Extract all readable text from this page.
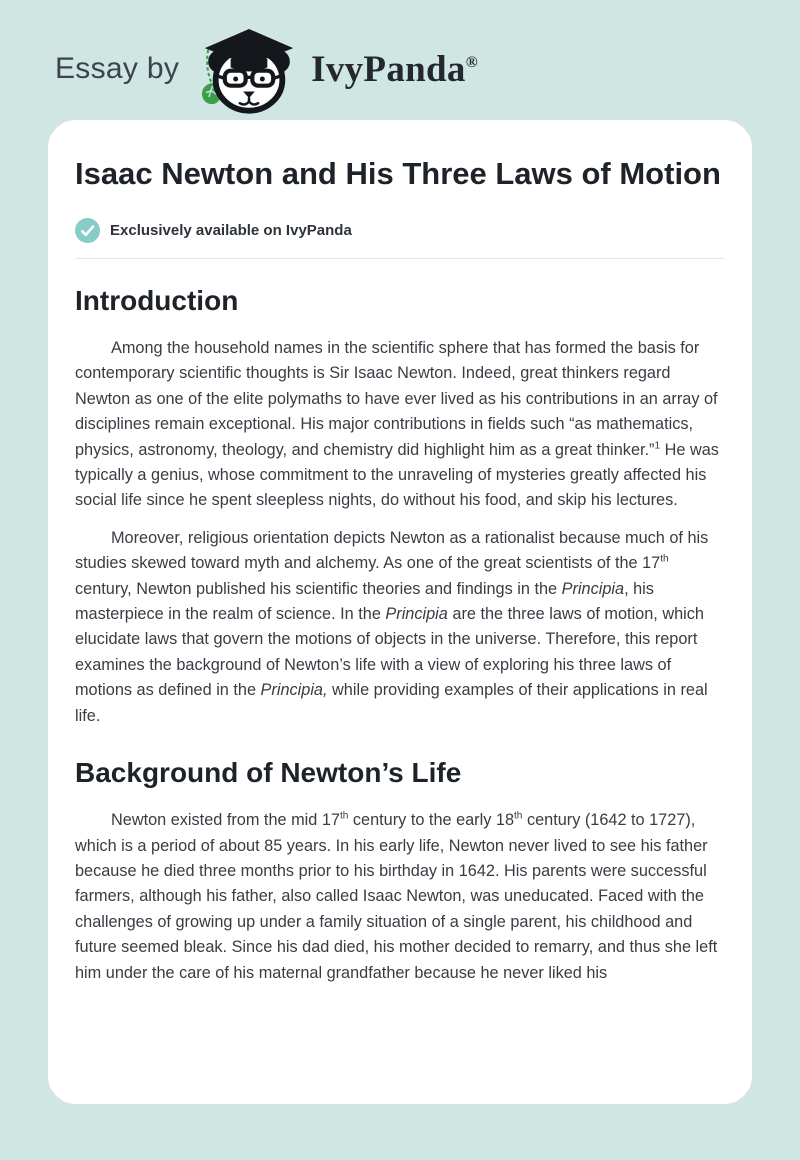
Essay by	IvyPanda®
Isaac Newton and His Three Laws of Motion
Exclusively available on IvyPanda
Introduction

Among the household names in the scientific sphere that has formed the basis for contemporary scientific thoughts is Sir Isaac Newton. Indeed, great thinkers regard Newton as one of the elite polymaths to have ever lived as his contributions in an array of disciplines remain exceptional. His major contributions in fields such “as mathematics, physics, astronomy, theology, and chemistry did highlight him as a great thinker.”$^1$ He was typically a genius, whose commitment to the unraveling of mysteries greatly affected his social life since he spent sleepless nights, do without his food, and skip his lectures.

Moreover, religious orientation depicts Newton as a rationalist because much of his studies skewed toward myth and alchemy. As one of the great scientists of the 17th century, Newton published his scientific theories and findings in the Principia, his masterpiece in the realm of science. In the Principia are the three laws of motion, which elucidate laws that govern the motions of objects in the universe. Therefore, this report examines the background of Newton’s life with a view of exploring his three laws of motions as defined in the Principia, while providing examples of their applications in real life.

Background of Newton’s Life

Newton existed from the mid 17th century to the early 18th century (1642 to 1727), which is a period of about 85 years. In his early life, Newton never lived to see his father because he died three months prior to his birthday in 1642. His parents were successful farmers, although his father, also called Isaac Newton, was uneducated. Faced with the challenges of growing up under a family situation of a single parent, his childhood and future seemed bleak. Since his dad died, his mother decided to remarry, and thus she left him under the care of his maternal grandfather because he never liked his
